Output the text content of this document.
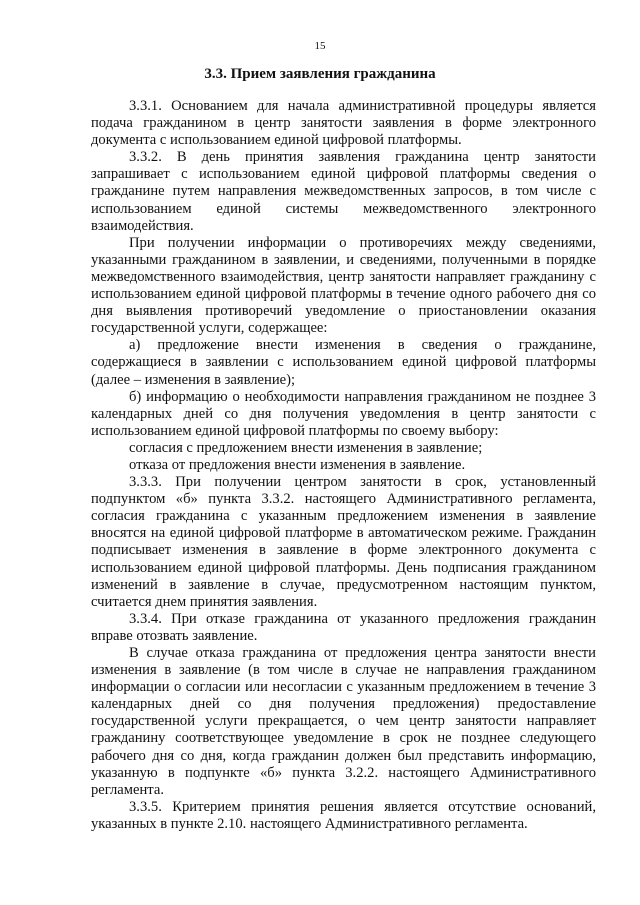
15
3.3. Прием заявления гражданина

3.3.1. Основанием для начала административной процедуры является подача гражданином в центр занятости заявления в форме электронного документа с использованием единой цифровой платформы.

3.3.2. В день принятия заявления гражданина центр занятости запрашивает с использованием единой цифровой платформы сведения о гражданине путем направления межведомственных запросов, в том числе с использованием единой системы межведомственного электронного взаимодействия.

При получении информации о противоречиях между сведениями, указанными гражданином в заявлении, и сведениями, полученными в порядке межведомственного взаимодействия, центр занятости направляет гражданину с использованием единой цифровой платформы в течение одного рабочего дня со дня выявления противоречий уведомление о приостановлении оказания государственной услуги, содержащее:

а) предложение внести изменения в сведения о гражданине, содержащиеся в заявлении с использованием единой цифровой платформы (далее – изменения в заявление);

б) информацию о необходимости направления гражданином не позднее 3 календарных дней со дня получения уведомления в центр занятости с использованием единой цифровой платформы по своему выбору:

согласия с предложением внести изменения в заявление;

отказа от предложения внести изменения в заявление.

3.3.3. При получении центром занятости в срок, установленный подпунктом «б» пункта 3.3.2. настоящего Административного регламента, согласия гражданина с указанным предложением изменения в заявление вносятся на единой цифровой платформе в автоматическом режиме. Гражданин подписывает изменения в заявление в форме электронного документа с использованием единой цифровой платформы. День подписания гражданином изменений в заявление в случае, предусмотренном настоящим пунктом, считается днем принятия заявления.

3.3.4. При отказе гражданина от указанного предложения гражданин вправе отозвать заявление.

В случае отказа гражданина от предложения центра занятости внести изменения в заявление (в том числе в случае не направления гражданином информации о согласии или несогласии с указанным предложением в течение 3 календарных дней со дня получения предложения) предоставление государственной услуги прекращается, о чем центр занятости направляет гражданину соответствующее уведомление в срок не позднее следующего рабочего дня со дня, когда гражданин должен был представить информацию, указанную в подпункте «б» пункта 3.2.2. настоящего Административного регламента.

3.3.5. Критерием принятия решения является отсутствие оснований, указанных в пункте 2.10. настоящего Административного регламента.
